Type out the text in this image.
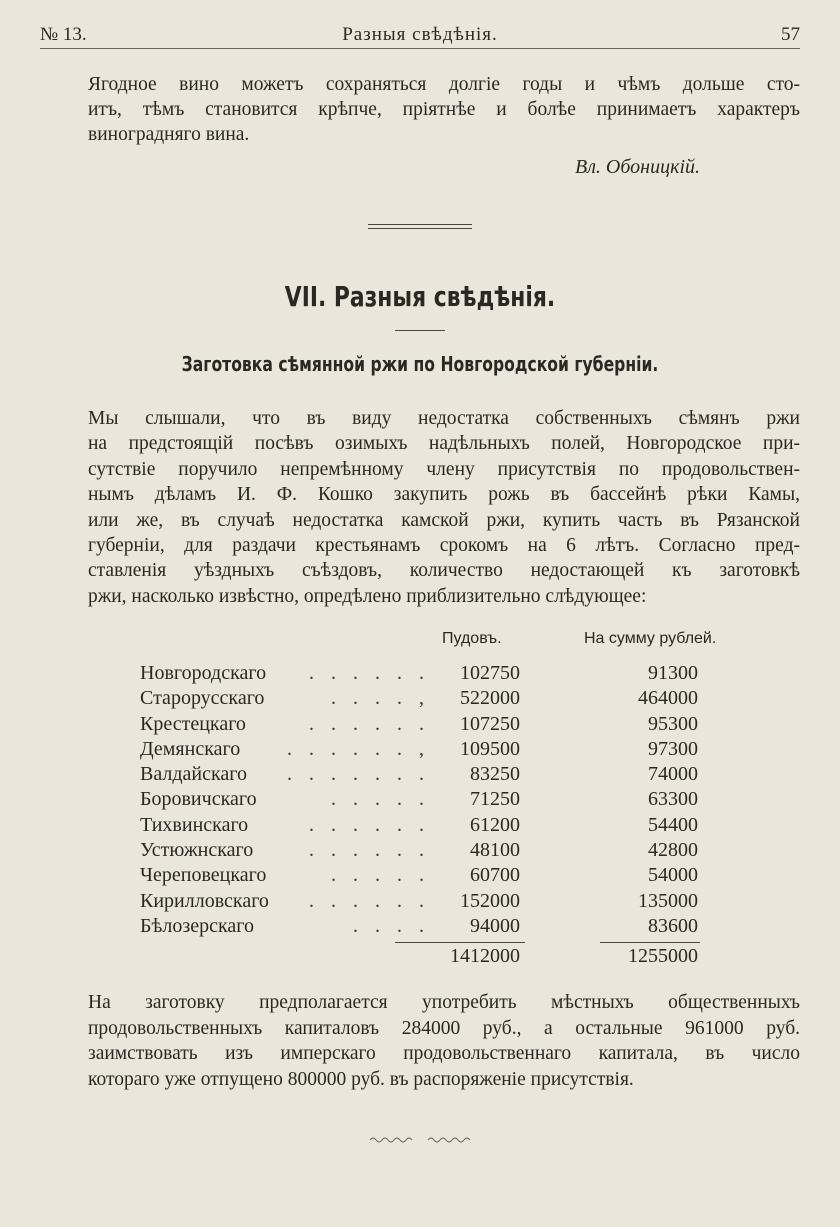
№ 13.	Разныя свѣдѣнія.	57
Ягодное вино можетъ сохраняться долгіе годы и чѣмъ дольше сто-
итъ, тѣмъ становится крѣпче, пріятнѣе и болѣе принимаетъ характеръ
виноградняго вина.
Вл. Обоницкій.
VII. Разныя свѣдѣнія.
Заготовка сѣмянной ржи по Новгородской губерніи.
Мы слышали, что въ виду недостатка собственныхъ сѣмянъ ржи
на предстоящій посѣвъ озимыхъ надѣльныхъ полей, Новгородское при-
сутствіе поручило непремѣнному члену присутствія по продовольствен-
нымъ дѣламъ И. Ф. Кошко закупить рожь въ бассейнѣ рѣки Камы,
или же, въ случаѣ недостатка камской ржи, купить часть въ Рязанской
губерніи, для раздачи крестьянамъ срокомъ на 6 лѣтъ. Согласно пред-
ставленія уѣздныхъ съѣздовъ, количество недостающей къ заготовкѣ
ржи, насколько извѣстно, опредѣлено приблизительно слѣдующее:
Пудовъ.	На сумму рублей.
Новгородскаго	. . . . . . 102750	91300
Старорусскаго	. . . . , 522000	464000
Крестецкаго	. . . . . . 107250	95300
Демянскаго	. . . . . . , 109500	97300
Валдайскаго	. . . . . . . 83250	74000
Боровичскаго	. . . . . 71250	63300
Тихвинскаго	. . . . . . 61200	54400
Устюжнскаго	. . . . . . 48100	42800
Череповецкаго	. . . . . 60700	54000
Кирилловскаго	. . . . . . 152000	135000
Бѣлозерскаго	. . . . 94000	83600
1412000	1255000
На заготовку предполагается употребить мѣстныхъ общественныхъ
продовольственныхъ капиталовъ 284000 руб., а остальные 961000 руб.
заимствовать изъ имперскаго продовольственнаго капитала, въ число
котораго уже отпущено 800000 руб. въ распоряженіе присутствія.
